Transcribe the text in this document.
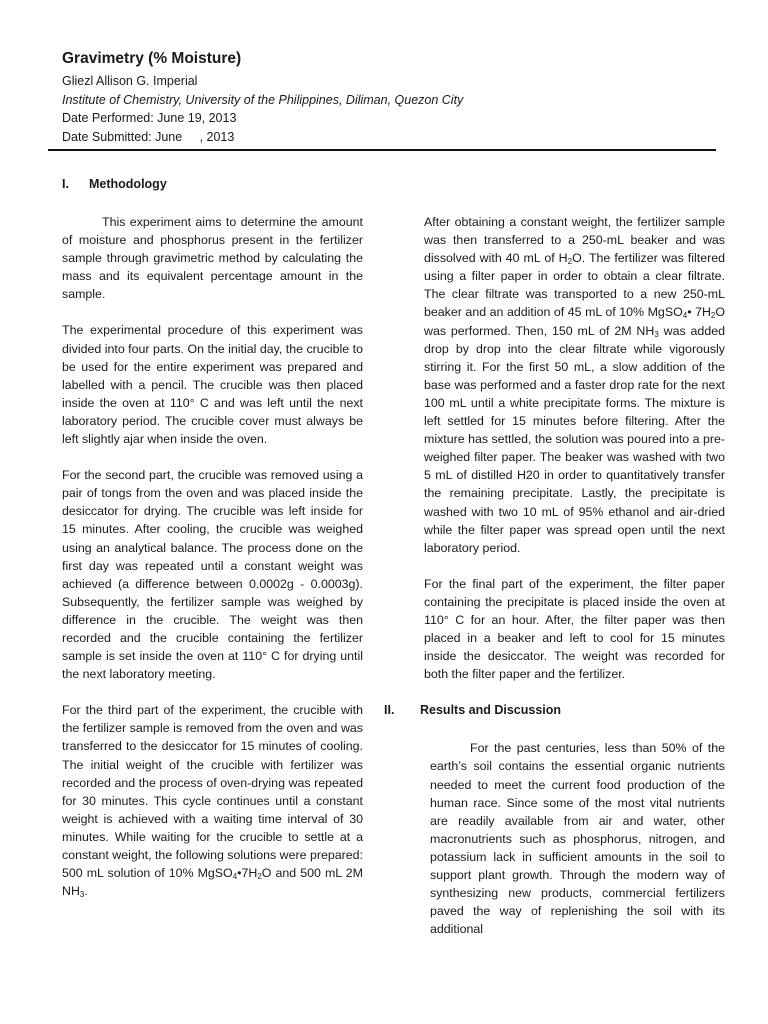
Gravimetry (% Moisture)
Gliezl Allison G. Imperial
Institute of Chemistry, University of the Philippines, Diliman, Quezon City
Date Performed: June 19, 2013
Date Submitted: June     , 2013
I.	Methodology

This experiment aims to determine the amount of moisture and phosphorus present in the fertilizer sample through gravimetric method by calculating the mass and its equivalent percentage amount in the sample.

The experimental procedure of this experiment was divided into four parts. On the initial day, the crucible to be used for the entire experiment was prepared and labelled with a pencil. The crucible was then placed inside the oven at 110° C and was left until the next laboratory period. The crucible cover must always be left slightly ajar when inside the oven.

For the second part, the crucible was removed using a pair of tongs from the oven and was placed inside the desiccator for drying. The crucible was left inside for 15 minutes. After cooling, the crucible was weighed using an analytical balance. The process done on the first day was repeated until a constant weight was achieved (a difference between 0.0002g - 0.0003g). Subsequently, the fertilizer sample was weighed by difference in the crucible. The weight was then recorded and the crucible containing the fertilizer sample is set inside the oven at 110° C for drying until the next laboratory meeting.

For the third part of the experiment, the crucible with the fertilizer sample is removed from the oven and was transferred to the desiccator for 15 minutes of cooling. The initial weight of the crucible with fertilizer was recorded and the process of oven-drying was repeated for 30 minutes. This cycle continues until a constant weight is achieved with a waiting time interval of 30 minutes. While waiting for the crucible to settle at a constant weight, the following solutions were prepared: 500 mL solution of 10% $MgSO_4•7H_2O$ and 500 mL 2M $NH_3$.

After obtaining a constant weight, the fertilizer sample was then transferred to a 250-mL beaker and was dissolved with 40 mL of $H_2O$. The fertilizer was filtered using a filter paper in order to obtain a clear filtrate. The clear filtrate was transported to a new 250-mL beaker and an addition of 45 mL of 10% MgSO$_4$• $7H_2O$ was performed. Then, 150 mL of 2M $NH_3$ was added drop by drop into the clear filtrate while vigorously stirring it. For the first 50 mL, a slow addition of the base was performed and a faster drop rate for the next 100 mL until a white precipitate forms. The mixture is left settled for 15 minutes before filtering. After the mixture has settled, the solution was poured into a pre-weighed filter paper. The beaker was washed with two 5 mL of distilled H20 in order to quantitatively transfer the remaining precipitate. Lastly, the precipitate is washed with two 10 mL of 95% ethanol and air-dried while the filter paper was spread open until the next laboratory period.

For the final part of the experiment, the filter paper containing the precipitate is placed inside the oven at 110° C for an hour. After, the filter paper was then placed in a beaker and left to cool for 15 minutes inside the desiccator. The weight was recorded for both the filter paper and the fertilizer.

II.	Results and Discussion

For the past centuries, less than 50% of the earth’s soil contains the essential organic nutrients needed to meet the current food production of the human race. Since some of the most vital nutrients are readily available from air and water, other macronutrients such as phosphorus, nitrogen, and potassium lack in sufficient amounts in the soil to support plant growth. Through the modern way of synthesizing new products, commercial fertilizers paved the way of replenishing the soil with its additional
